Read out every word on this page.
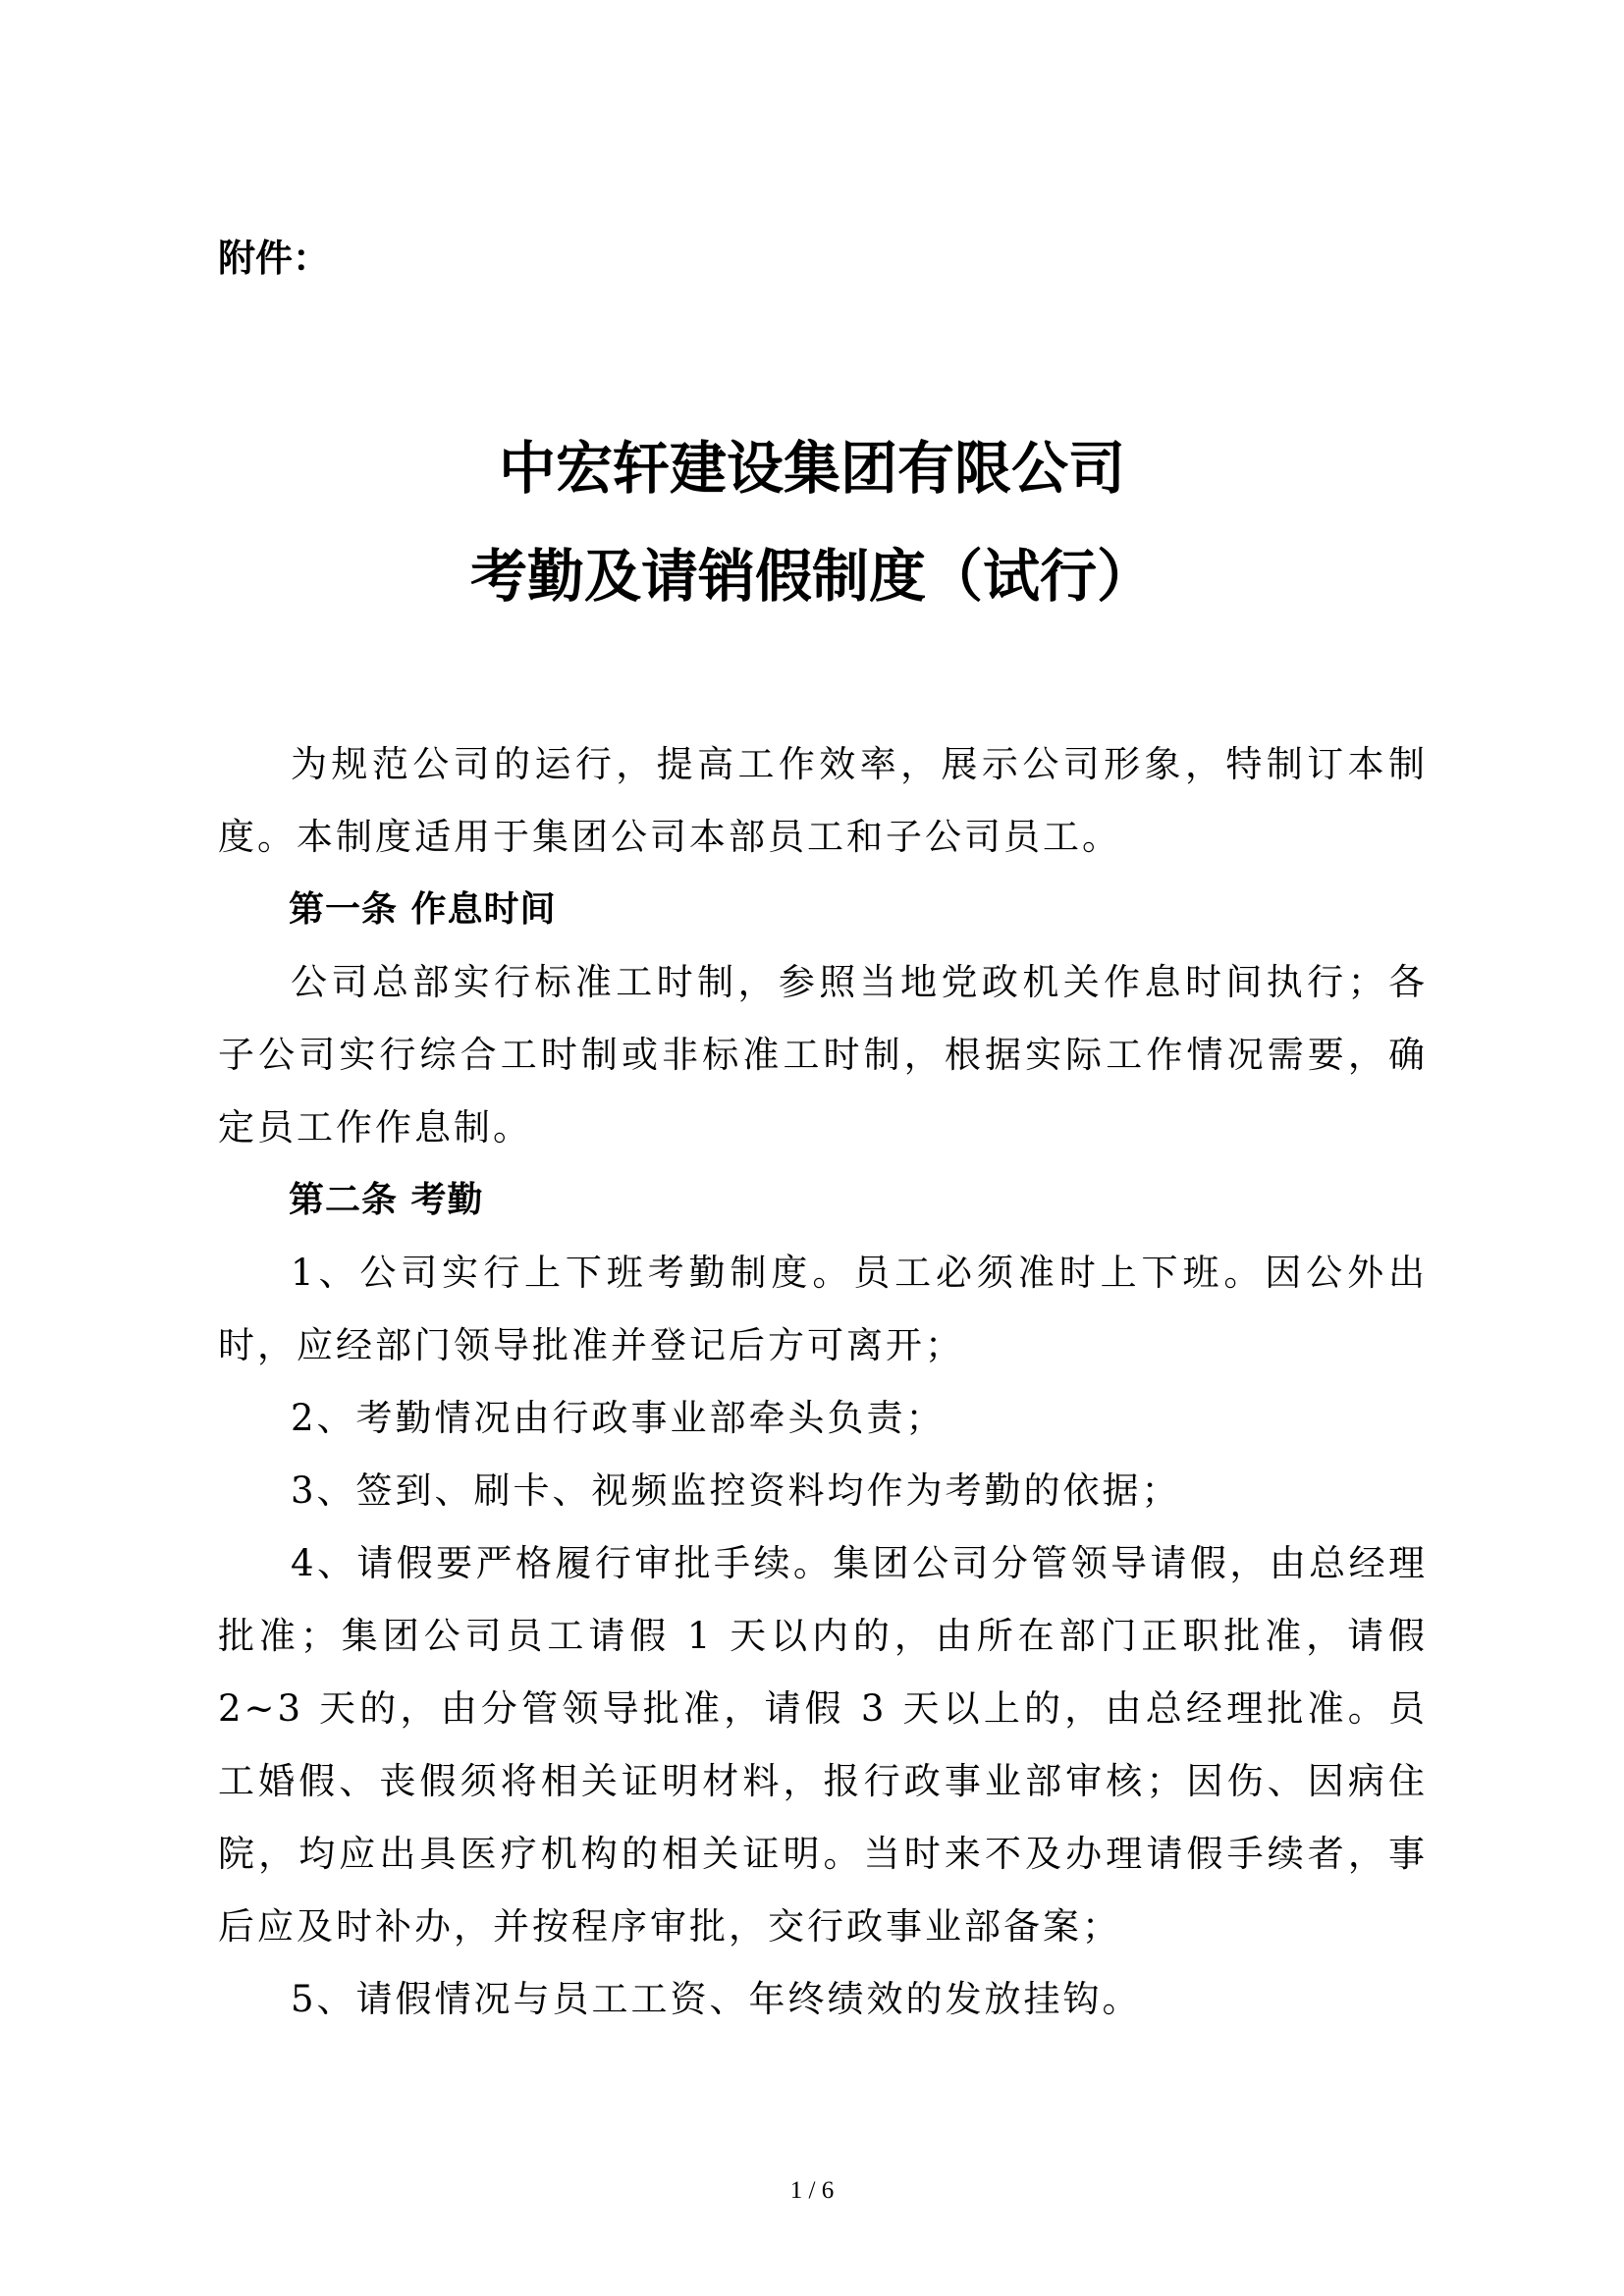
附件：

中宏轩建设集团有限公司
考勤及请销假制度（试行）

为规范公司的运行，提高工作效率，展示公司形象，特制订本制度。本制度适用于集团公司本部员工和子公司员工。

第一条 作息时间

公司总部实行标准工时制，参照当地党政机关作息时间执行；各子公司实行综合工时制或非标准工时制，根据实际工作情况需要，确定员工作作息制。

第二条 考勤

1、公司实行上下班考勤制度。员工必须准时上下班。因公外出时，应经部门领导批准并登记后方可离开；

2、考勤情况由行政事业部牵头负责；

3、签到、刷卡、视频监控资料均作为考勤的依据；

4、请假要严格履行审批手续。集团公司分管领导请假，由总经理批准；集团公司员工请假 1 天以内的，由所在部门正职批准，请假2~3 天的，由分管领导批准，请假 3 天以上的，由总经理批准。员工婚假、丧假须将相关证明材料，报行政事业部审核；因伤、因病住院，均应出具医疗机构的相关证明。当时来不及办理请假手续者，事后应及时补办，并按程序审批，交行政事业部备案；

5、请假情况与员工工资、年终绩效的发放挂钩。

1 / 6
